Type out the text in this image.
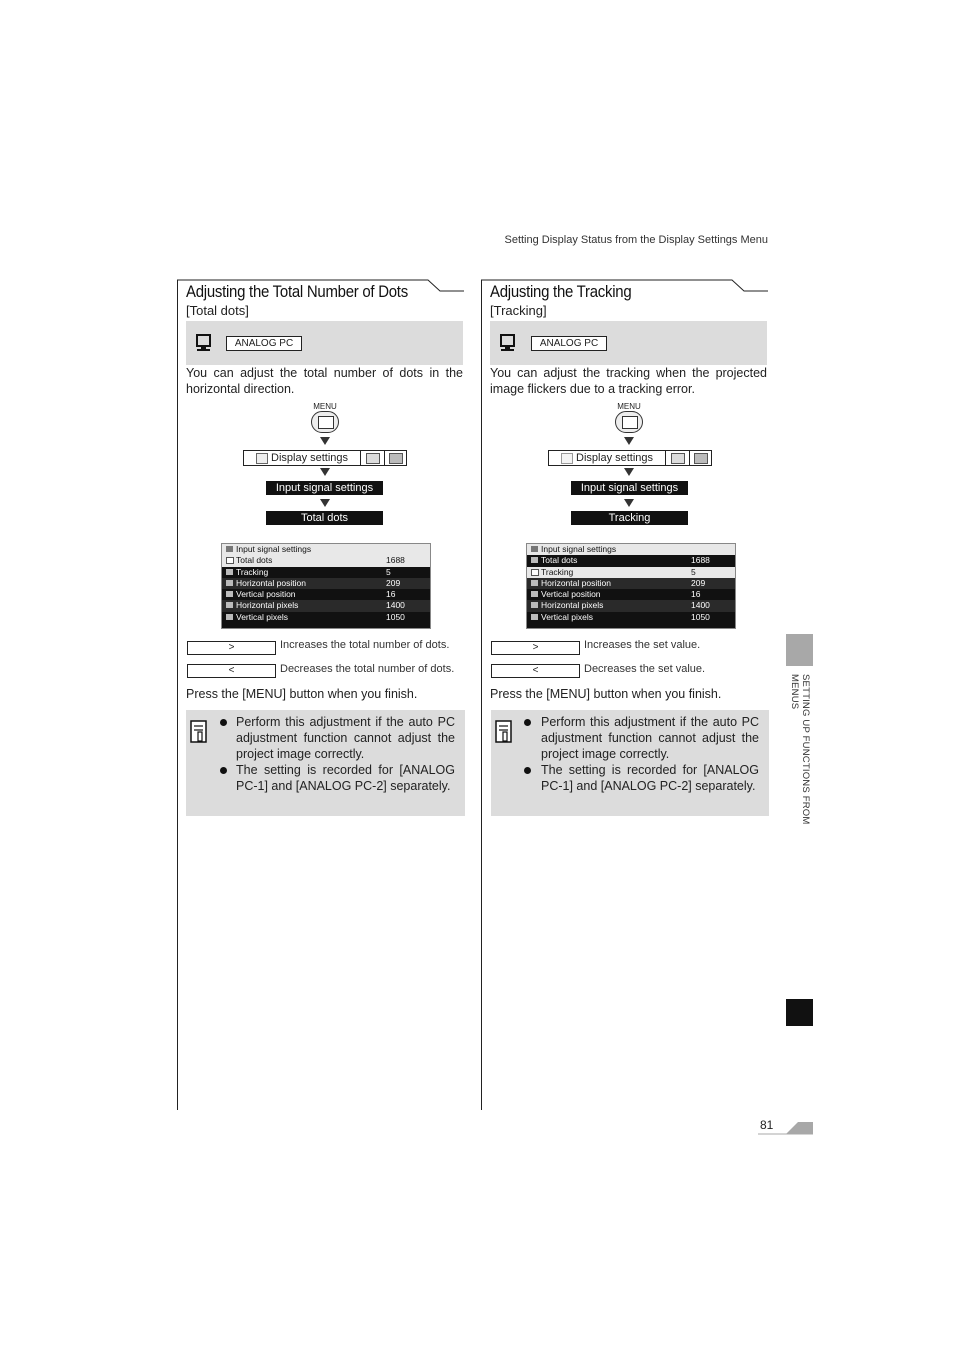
Setting Display Status from the Display Settings Menu
Adjusting the Total Number of Dots
[Total dots]
ANALOG PC
You can adjust the total number of dots in the horizontal direction.
MENU
Display settings
Input signal settings
Total dots
Input signal settings
Total dots	1688
Tracking	5
Horizontal position	209
Vertical position	16
Horizontal pixels	1400
Vertical pixels	1050
>	Increases the total number of dots.
<	Decreases the total number of dots.
Press the [MENU] button when you finish.
Perform this adjustment if the auto PC adjustment function cannot adjust the project image correctly.
The setting is recorded for [ANALOG PC-1] and [ANALOG PC-2] separately.
Adjusting the Tracking
[Tracking]
ANALOG PC
You can adjust the tracking when the projected image flickers due to a tracking error.
MENU
Display settings
Input signal settings
Tracking
Input signal settings
Total dots	1688
Tracking	5
Horizontal position	209
Vertical position	16
Horizontal pixels	1400
Vertical pixels	1050
>	Increases the set value.
<	Decreases the set value.
Press the [MENU] button when you finish.
Perform this adjustment if the auto PC adjustment function cannot adjust the project image correctly.
The setting is recorded for [ANALOG PC-1] and [ANALOG PC-2] separately.	SETTING UP FUNCTIONS FROM MENUS
81
